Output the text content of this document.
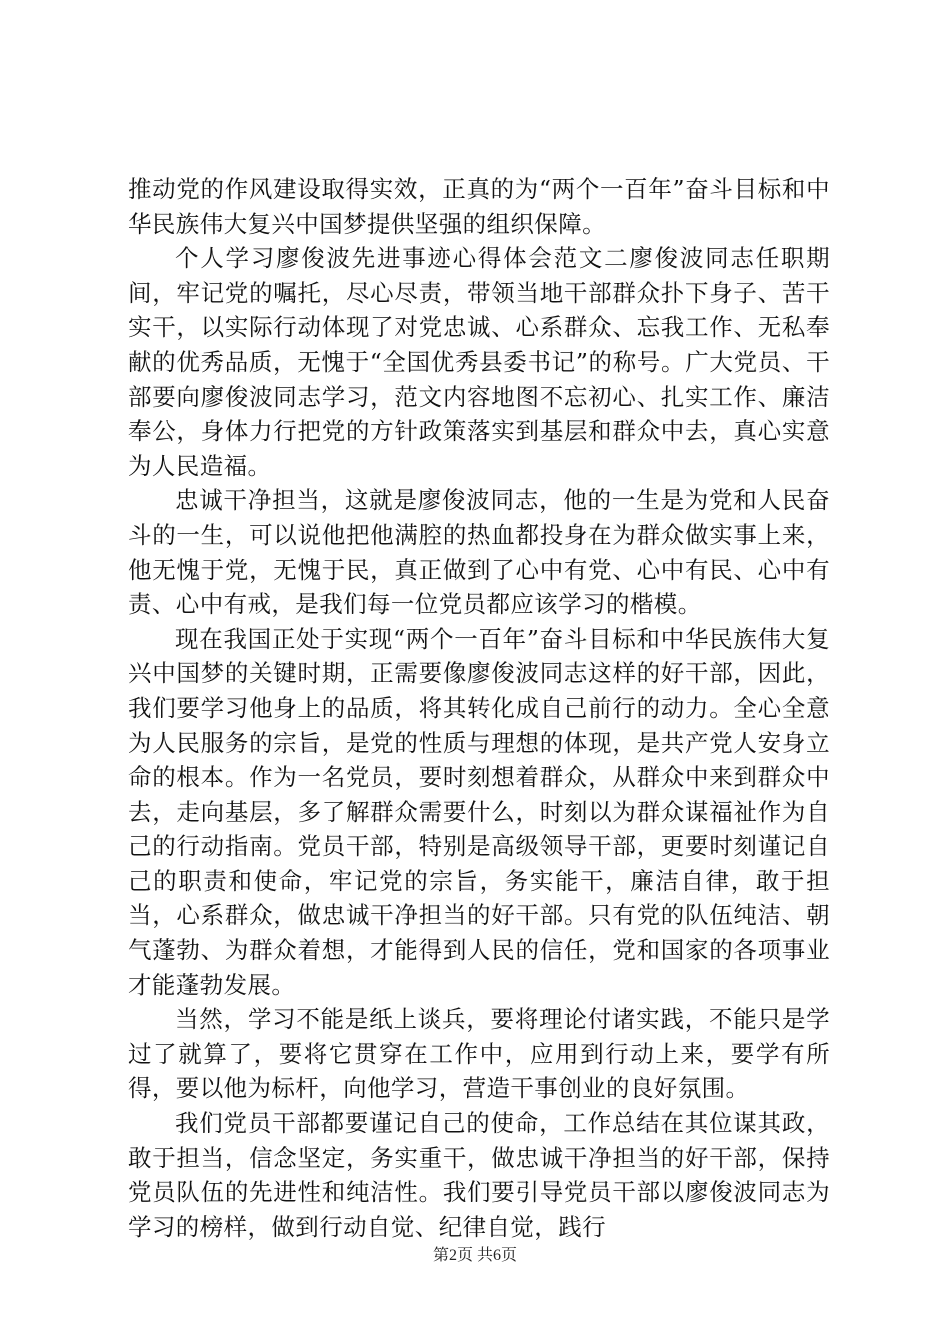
推动党的作风建设取得实效，正真的为“两个一百年”奋斗目标和中华民族伟大复兴中国梦提供坚强的组织保障。

个人学习廖俊波先进事迹心得体会范文二廖俊波同志任职期间，牢记党的嘱托，尽心尽责，带领当地干部群众扑下身子、苦干实干，以实际行动体现了对党忠诚、心系群众、忘我工作、无私奉献的优秀品质，无愧于“全国优秀县委书记”的称号。广大党员、干部要向廖俊波同志学习，范文内容地图不忘初心、扎实工作、廉洁奉公，身体力行把党的方针政策落实到基层和群众中去，真心实意为人民造福。

忠诚干净担当，这就是廖俊波同志，他的一生是为党和人民奋斗的一生，可以说他把他满腔的热血都投身在为群众做实事上来，他无愧于党，无愧于民，真正做到了心中有党、心中有民、心中有责、心中有戒，是我们每一位党员都应该学习的楷模。

现在我国正处于实现“两个一百年”奋斗目标和中华民族伟大复兴中国梦的关键时期，正需要像廖俊波同志这样的好干部，因此，我们要学习他身上的品质，将其转化成自己前行的动力。全心全意为人民服务的宗旨，是党的性质与理想的体现，是共产党人安身立命的根本。作为一名党员，要时刻想着群众，从群众中来到群众中去，走向基层，多了解群众需要什么，时刻以为群众谋福祉作为自己的行动指南。党员干部，特别是高级领导干部，更要时刻谨记自己的职责和使命，牢记党的宗旨，务实能干，廉洁自律，敢于担当，心系群众，做忠诚干净担当的好干部。只有党的队伍纯洁、朝气蓬勃、为群众着想，才能得到人民的信任，党和国家的各项事业才能蓬勃发展。

当然，学习不能是纸上谈兵，要将理论付诸实践，不能只是学过了就算了，要将它贯穿在工作中，应用到行动上来，要学有所得，要以他为标杆，向他学习，营造干事创业的良好氛围。

我们党员干部都要谨记自己的使命，工作总结在其位谋其政，敢于担当，信念坚定，务实重干，做忠诚干净担当的好干部，保持党员队伍的先进性和纯洁性。我们要引导党员干部以廖俊波同志为学习的榜样，做到行动自觉、纪律自觉，践行

第2页 共6页
